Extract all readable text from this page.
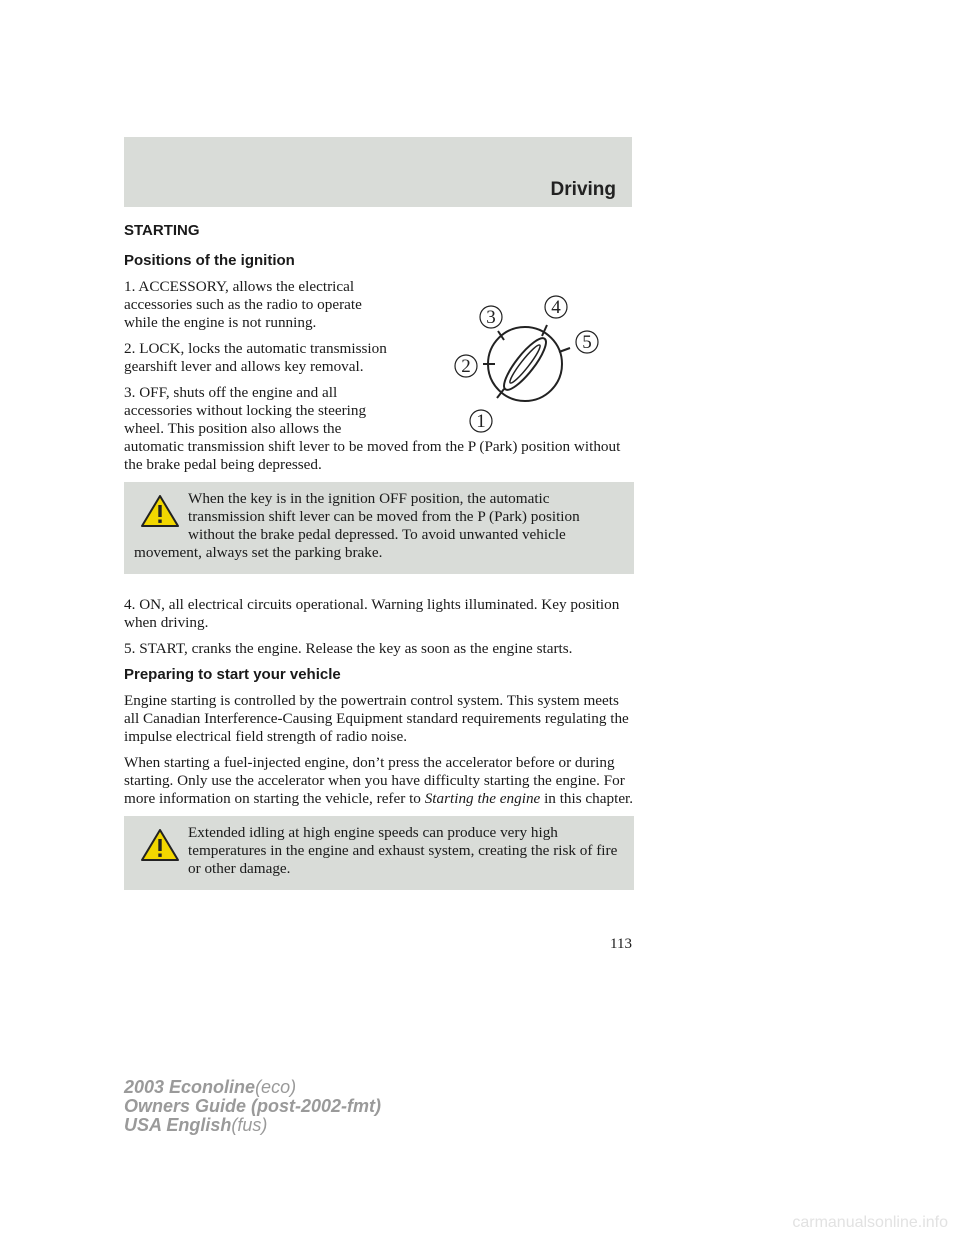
Driving
STARTING
Positions of the ignition
1
2
3	4
5

1. ACCESSORY, allows the electrical accessories such as the radio to operate while the engine is not running.

2. LOCK, locks the automatic transmission gearshift lever and allows key removal.

3. OFF, shuts off the engine and all accessories without locking the steering wheel. This position also allows the automatic transmission shift lever to be moved from the P (Park) position without the brake pedal being depressed.

When the key is in the ignition OFF position, the automatic transmission shift lever can be moved from the P (Park) position without the brake pedal depressed. To avoid unwanted vehicle movement, always set the parking brake.

4. ON, all electrical circuits operational. Warning lights illuminated. Key position when driving.

5. START, cranks the engine. Release the key as soon as the engine starts.

Preparing to start your vehicle

Engine starting is controlled by the powertrain control system. This system meets all Canadian Interference-Causing Equipment standard requirements regulating the impulse electrical field strength of radio noise.

When starting a fuel-injected engine, don’t press the accelerator before or during starting. Only use the accelerator when you have difficulty starting the engine. For more information on starting the vehicle, refer to Starting the engine in this chapter.

Extended idling at high engine speeds can produce very high temperatures in the engine and exhaust system, creating the risk of fire or other damage.

113
2003 Econoline(eco)
Owners Guide (post-2002-fmt)
USA English(fus)
carmanualsonline.info
